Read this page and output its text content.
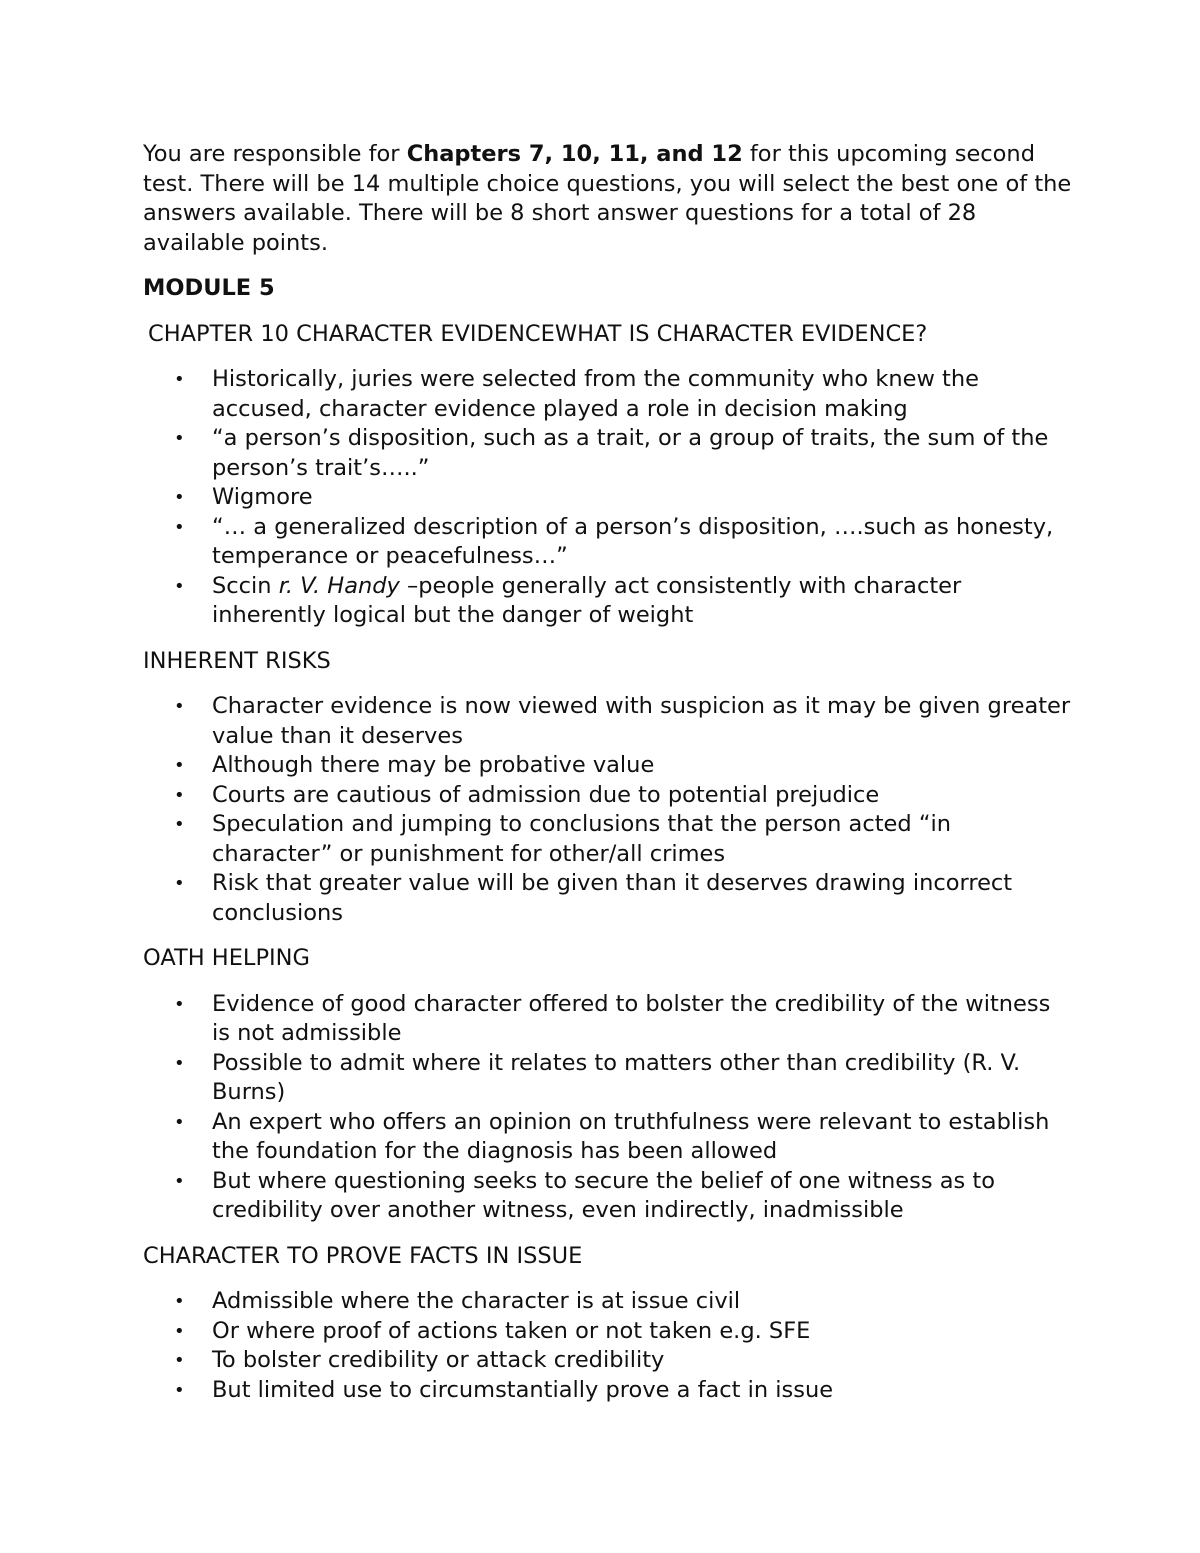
You are responsible for Chapters 7, 10, 11, and 12 for this upcoming second test. There will be 14 multiple choice questions, you will select the best one of the answers available. There will be 8 short answer questions for a total of 28 available points.

MODULE 5

CHAPTER 10 CHARACTER EVIDENCEWHAT IS CHARACTER EVIDENCE?

• Historically, juries were selected from the community who knew the accused, character evidence played a role in decision making
• “a person’s disposition, such as a trait, or a group of traits, the sum of the person’s trait’s…..”
• Wigmore
• “… a generalized description of a person’s disposition, ….such as honesty, temperance or peacefulness…”
• Sccin r. V. Handy –people generally act consistently with character inherently logical but the danger of weight

INHERENT RISKS

• Character evidence is now viewed with suspicion as it may be given greater value than it deserves
• Although there may be probative value
• Courts are cautious of admission due to potential prejudice
• Speculation and jumping to conclusions that the person acted “in character” or punishment for other/all crimes
• Risk that greater value will be given than it deserves drawing incorrect conclusions

OATH HELPING

• Evidence of good character offered to bolster the credibility of the witness is not admissible
• Possible to admit where it relates to matters other than credibility (R. V. Burns)
• An expert who offers an opinion on truthfulness were relevant to establish the foundation for the diagnosis has been allowed
• But where questioning seeks to secure the belief of one witness as to credibility over another witness, even indirectly, inadmissible

CHARACTER TO PROVE FACTS IN ISSUE

• Admissible where the character is at issue civil
• Or where proof of actions taken or not taken e.g. SFE
• To bolster credibility or attack credibility
• But limited use to circumstantially prove a fact in issue
